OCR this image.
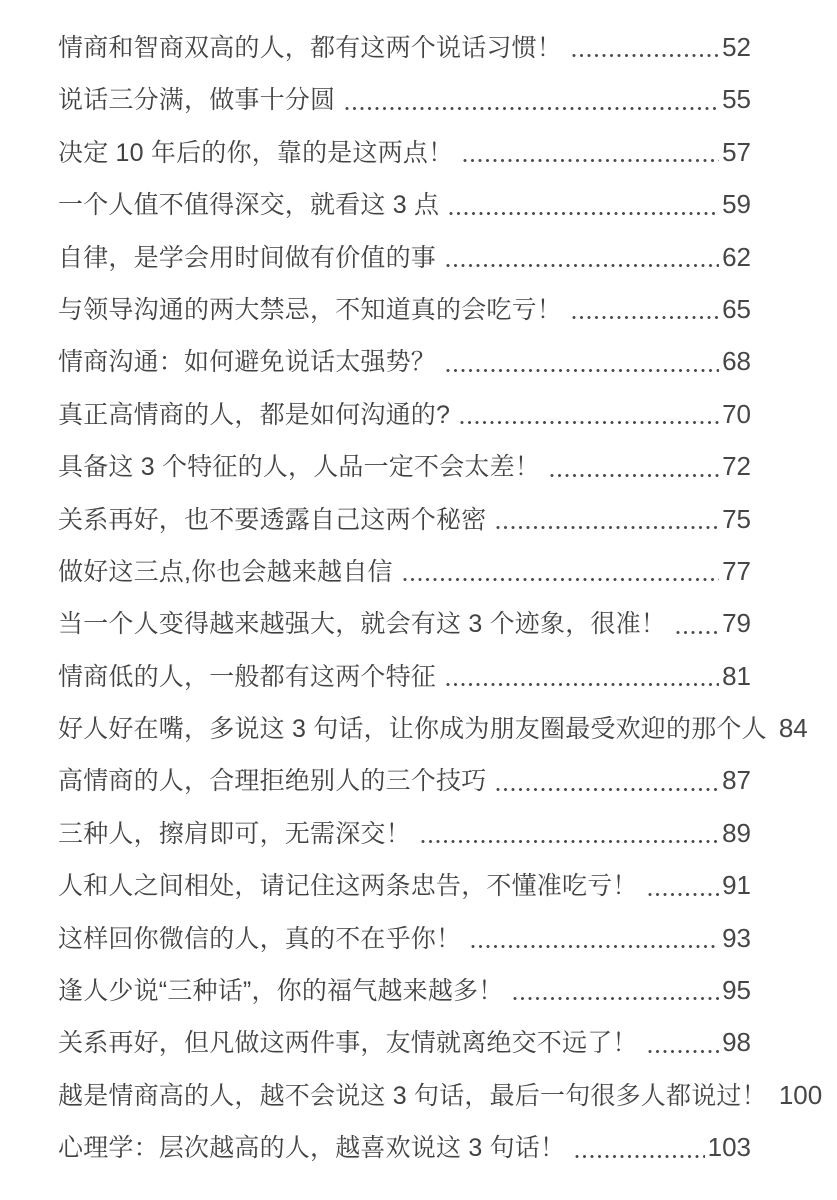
情商和智商双高的人，都有这两个说话习惯！	52
说话三分满，做事十分圆	55
决定 10 年后的你，靠的是这两点！	57
一个人值不值得深交，就看这 3 点	59
自律，是学会用时间做有价值的事	62
与领导沟通的两大禁忌，不知道真的会吃亏！	65
情商沟通：如何避免说话太强势？	68
真正高情商的人，都是如何沟通的?	70
具备这 3 个特征的人，人品一定不会太差！	72
关系再好，也不要透露自己这两个秘密	75
做好这三点,你也会越来越自信	77
当一个人变得越来越强大，就会有这 3 个迹象，很准！ 79
情商低的人，一般都有这两个特征	81
好人好在嘴，多说这 3 句话，让你成为朋友圈最受欢迎的那个人 84
高情商的人，合理拒绝别人的三个技巧	87
三种人，擦肩即可，无需深交！	89
人和人之间相处，请记住这两条忠告，不懂准吃亏！	91
这样回你微信的人，真的不在乎你！	93
逢人少说“三种话”，你的福气越来越多！	95
关系再好，但凡做这两件事，友情就离绝交不远了！	98
越是情商高的人，越不会说这 3 句话，最后一句很多人都说过！ 100
心理学：层次越高的人，越喜欢说这 3 句话！	103
